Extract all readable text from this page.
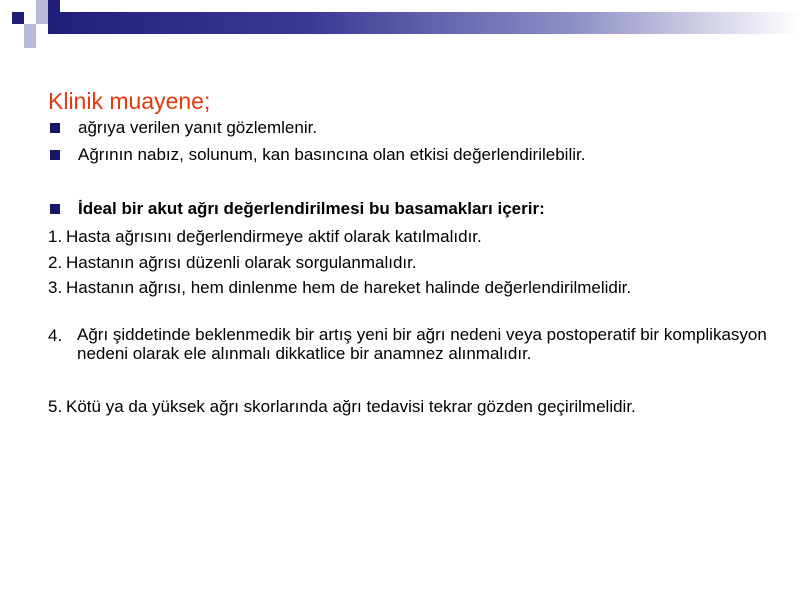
Klinik muayene;
ağrıya verilen yanıt gözlemlenir.
Ağrının nabız, solunum, kan basıncına olan etkisi değerlendirilebilir.
İdeal bir akut ağrı değerlendirilmesi bu basamakları içerir:
1. Hasta ağrısını değerlendirmeye aktif olarak katılmalıdır.
2. Hastanın ağrısı düzenli olarak sorgulanmalıdır.
3. Hastanın ağrısı, hem dinlenme hem de hareket halinde değerlendirilmelidir.
4. Ağrı şiddetinde beklenmedik bir artış yeni bir ağrı nedeni veya postoperatif bir komplikasyon nedeni olarak ele alınmalı dikkatlice bir anamnez alınmalıdır.
5. Kötü ya da yüksek ağrı skorlarında ağrı tedavisi tekrar gözden geçirilmelidir.
